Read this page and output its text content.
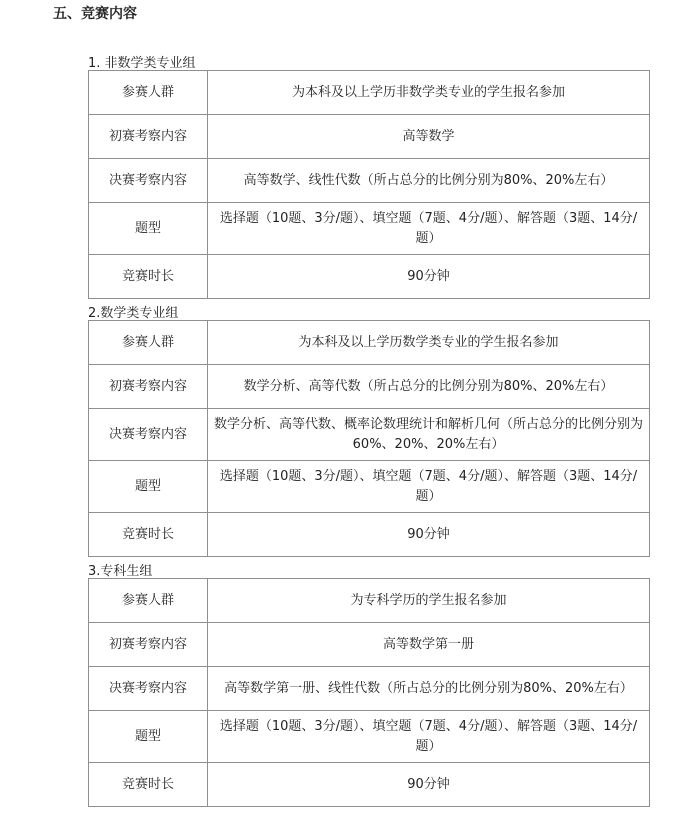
五、竞赛内容
1. 非数学类专业组
参赛人群	为本科及以上学历非数学类专业的学生报名参加
初赛考察内容	高等数学
决赛考察内容	高等数学、线性代数（所占总分的比例分别为80%、20%左右）
题型	选择题（10题、3分/题）、填空题（7题、4分/题）、解答题（3题、14分/题）
竞赛时长	90分钟
2.数学类专业组
参赛人群	为本科及以上学历数学类专业的学生报名参加
初赛考察内容	数学分析、高等代数（所占总分的比例分别为80%、20%左右）
决赛考察内容	数学分析、高等代数、概率论数理统计和解析几何（所占总分的比例分别为60%、20%、20%左右）
题型	选择题（10题、3分/题）、填空题（7题、4分/题）、解答题（3题、14分/题）
竞赛时长	90分钟
3.专科生组
参赛人群	为专科学历的学生报名参加
初赛考察内容	高等数学第一册
决赛考察内容	高等数学第一册、线性代数（所占总分的比例分别为80%、20%左右）
题型	选择题（10题、3分/题）、填空题（7题、4分/题）、解答题（3题、14分/题）
竞赛时长	90分钟
